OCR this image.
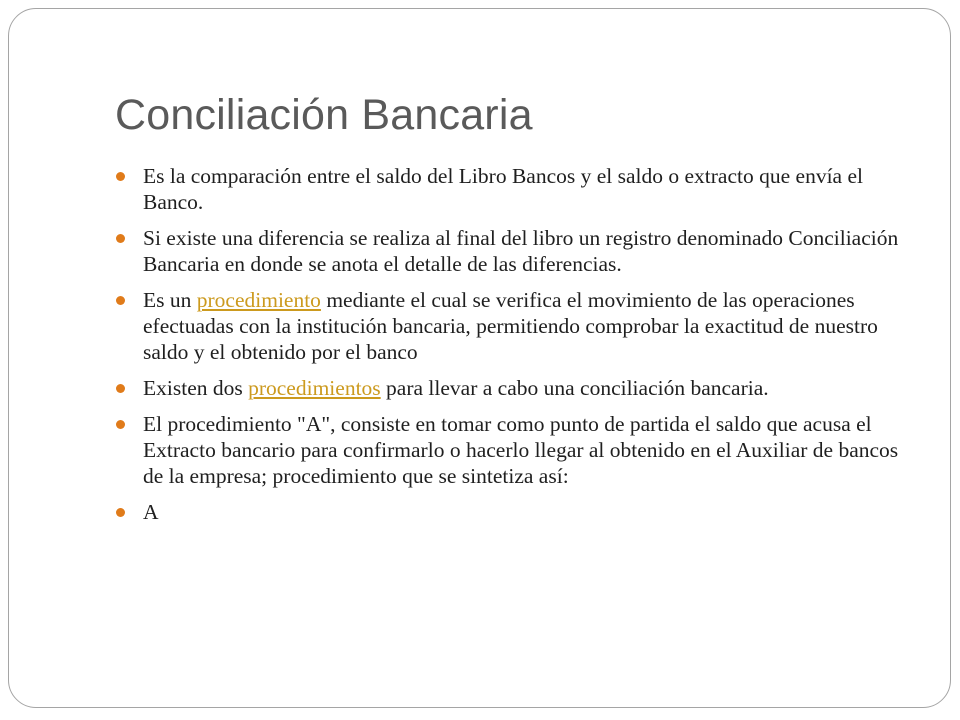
Conciliación Bancaria
Es la comparación entre el saldo del Libro Bancos y el saldo o extracto que envía el Banco.
Si existe una diferencia se realiza al final del libro un registro denominado Conciliación Bancaria en donde se anota el detalle de las diferencias.
Es un procedimiento mediante el cual se verifica el movimiento de las operaciones efectuadas con la institución bancaria, permitiendo comprobar la exactitud de nuestro saldo y el obtenido por el banco
Existen dos procedimientos para llevar a cabo una conciliación bancaria.
El procedimiento "A", consiste en tomar como punto de partida el saldo que acusa el Extracto bancario para confirmarlo o hacerlo llegar al obtenido en el Auxiliar de bancos de la empresa; procedimiento que se sintetiza así:
A
